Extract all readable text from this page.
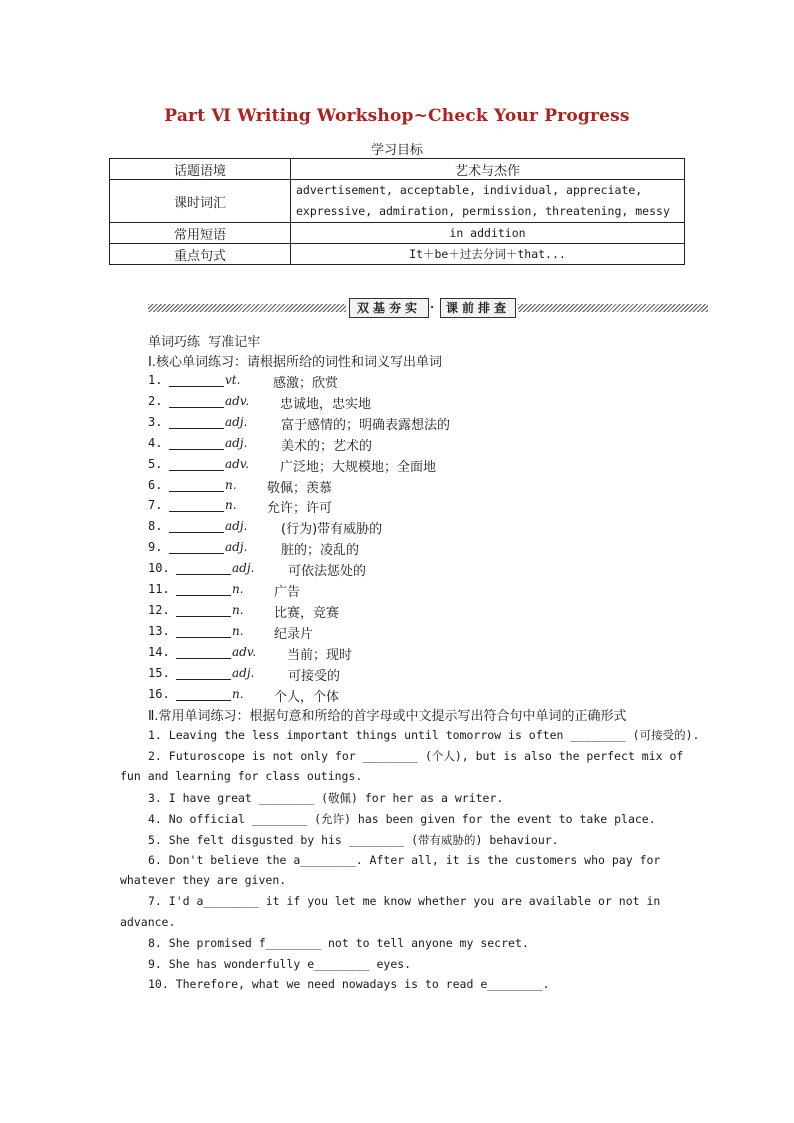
Part Ⅵ Writing Workshop~Check Your Progress
学习目标
话题语境	艺术与杰作
课时词汇	advertisement, acceptable, individual, appreciate,
expressive, admiration, permission, threatening, messy

常用短语	in addition
重点句式	It＋be＋过去分词＋that...
双基夯实 · 课前排查
单词巧练  写准记牢
Ⅰ.核心单词练习：请根据所给的词性和词义写出单词
1.	vt.	感激；欣赏
2.	adv. 忠诚地，忠实地
3.	adj.	富于感情的；明确表露想法的
4.	adj.	美术的；艺术的
5.	adv. 广泛地；大规模地；全面地
6.	n. 敬佩；羡慕
7.	n. 允许；许可
8.	adj.	(行为)带有威胁的
9.	adj.	脏的；凌乱的
10.	adj.	可依法惩处的
11.	n. 广告
12.	n. 比赛，竞赛
13.	n. 纪录片
14.	adv. 当前；现时
15.	adj.	可接受的
16.	n. 个人，个体
Ⅱ.常用单词练习：根据句意和所给的首字母或中文提示写出符合句中单词的正确形式
1. Leaving the less important things until tomorrow is often ________ (可接受的).
2. Futuroscope is not only for ________ (个人), but is also the perfect mix of
fun and learning for class outings.
3. I have great ________ (敬佩) for her as a writer.
4. No official ________ (允许) has been given for the event to take place.
5. She felt disgusted by his ________ (带有威胁的) behaviour.
6. Don't believe the a________. After all, it is the customers who pay for
whatever they are given.
7. I'd a________ it if you let me know whether you are available or not in
advance.
8. She promised f________ not to tell anyone my secret.
9. She has wonderfully e________ eyes.
10. Therefore, what we need nowadays is to read e________.
